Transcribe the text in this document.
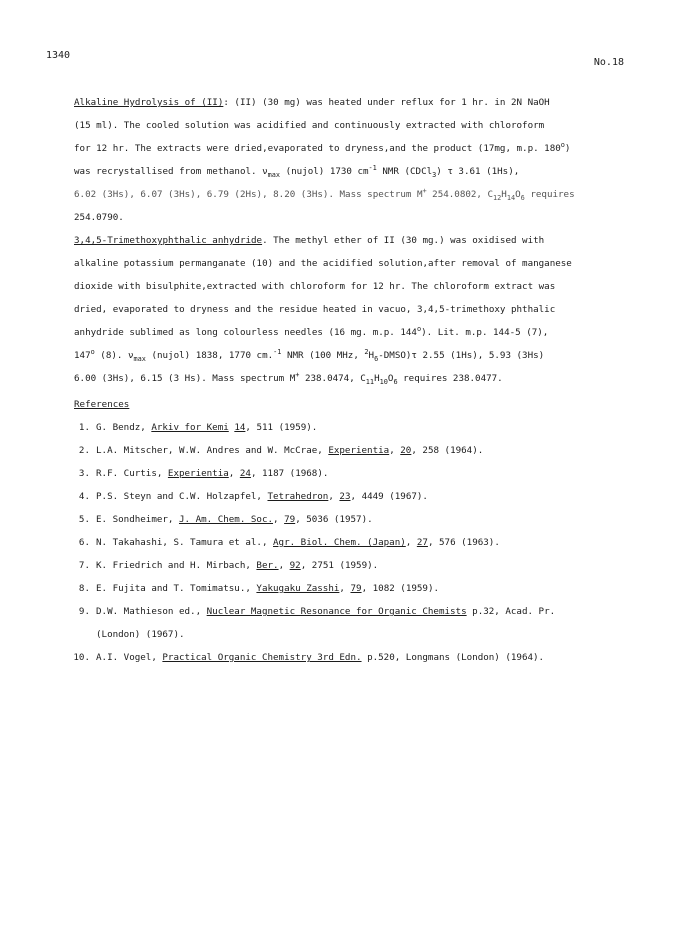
1340
No.18

Alkaline Hydrolysis of (II): (II) (30 mg) was heated under reflux for 1 hr. in 2N NaOH

(15 ml). The cooled solution was acidified and continuously extracted with chloroform

for 12 hr. The extracts were dried,evaporated to dryness,and the product (17mg, m.p. 180$^o$)

was recrystallised from methanol. $\nu_{max}$ (nujol) 1730 $cm^{-1}$ NMR (CDCl$_3$) τ 3.61 (1Hs),

6.02 (3Hs), 6.07 (3Hs), 6.79 (2Hs), 8.20 (3Hs). Mass spectrum M+ 254.0802, $C_{12}H_{14}O_6$ requires

254.0790.

3,4,5-Trimethoxyphthalic anhydride. The methyl ether of II (30 mg.) was oxidised with

alkaline potassium permanganate (10) and the acidified solution,after removal of manganese

dioxide with bisulphite,extracted with chloroform for 12 hr. The chloroform extract was

dried, evaporated to dryness and the residue heated in vacuo, 3,4,5-trimethoxy phthalic

anhydride sublimed as long colourless needles (16 mg. m.p. 144$^o$). Lit. m.p. 144-5 (7),

147$^o$ (8). $\nu_{max}$ (nujol) 1838, 1770 cm.$^{-1}$ NMR (100 MHz, $^2H_6-DMSO)\tau$ 2.55 (1Hs), 5.93 (3Hs)

6.00 (3Hs), 6.15 (3 Hs). Mass spectrum M+ 238.0474, $C_{11}H_{10}O_6$ requires 238.0477.

References

1. G. Bendz, Arkiv for Kemi 14, 511 (1959).
2. L.A. Mitscher, W.W. Andres and W. McCrae, Experientia, 20, 258 (1964).
3. R.F. Curtis, Experientia, 24, 1187 (1968).
4. P.S. Steyn and C.W. Holzapfel, Tetrahedron, 23, 4449 (1967).
5. E. Sondheimer, J. Am. Chem. Soc., 79, 5036 (1957).
6. N. Takahashi, S. Tamura et al., Agr. Biol. Chem. (Japan), 27, 576 (1963).
7. K. Friedrich and H. Mirbach, Ber., 92, 2751 (1959).
8. E. Fujita and T. Tomimatsu., Yakugaku Zasshi, 79, 1082 (1959).
9. D.W. Mathieson ed., Nuclear Magnetic Resonance for Organic Chemists p.32, Acad. Pr.
(London) (1967).
10. A.I. Vogel, Practical Organic Chemistry 3rd Edn. p.520, Longmans (London) (1964).
